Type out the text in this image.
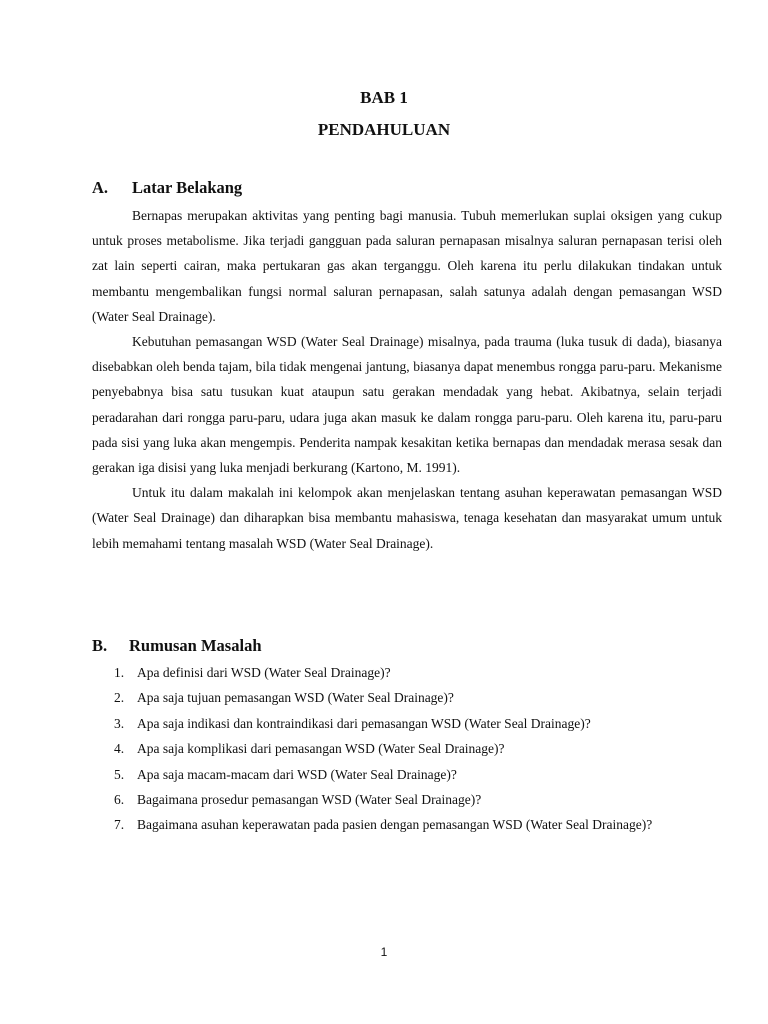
BAB 1
PENDAHULUAN
A. Latar Belakang

Bernapas merupakan aktivitas yang penting bagi manusia. Tubuh memerlukan suplai oksigen yang cukup untuk proses metabolisme. Jika terjadi gangguan pada saluran pernapasan misalnya saluran pernapasan terisi oleh zat lain seperti cairan, maka pertukaran gas akan terganggu. Oleh karena itu perlu dilakukan tindakan untuk membantu mengembalikan fungsi normal saluran pernapasan, salah satunya adalah dengan pemasangan WSD (Water Seal Drainage).

Kebutuhan pemasangan WSD (Water Seal Drainage) misalnya, pada trauma (luka tusuk di dada), biasanya disebabkan oleh benda tajam, bila tidak mengenai jantung, biasanya dapat menembus rongga paru-paru. Mekanisme penyebabnya bisa satu tusukan kuat ataupun satu gerakan mendadak yang hebat. Akibatnya, selain terjadi peradarahan dari rongga paru-paru, udara juga akan masuk ke dalam rongga paru-paru. Oleh karena itu, paru-paru pada sisi yang luka akan mengempis. Penderita nampak kesakitan ketika bernapas dan mendadak merasa sesak dan gerakan iga disisi yang luka menjadi berkurang (Kartono, M. 1991).

Untuk itu dalam makalah ini kelompok akan menjelaskan tentang asuhan keperawatan pemasangan WSD (Water Seal Drainage) dan diharapkan bisa membantu mahasiswa, tenaga kesehatan dan masyarakat umum untuk lebih memahami tentang masalah WSD (Water Seal Drainage).

B. Rumusan Masalah
1. Apa definisi dari WSD (Water Seal Drainage)?
2. Apa saja tujuan pemasangan WSD (Water Seal Drainage)?
3. Apa saja indikasi dan kontraindikasi dari pemasangan WSD (Water Seal Drainage)?
4. Apa saja komplikasi dari pemasangan WSD (Water Seal Drainage)?
5. Apa saja macam-macam dari WSD (Water Seal Drainage)?
6. Bagaimana prosedur pemasangan WSD (Water Seal Drainage)?
7. Bagaimana asuhan keperawatan pada pasien dengan pemasangan WSD (Water Seal Drainage)?
1
